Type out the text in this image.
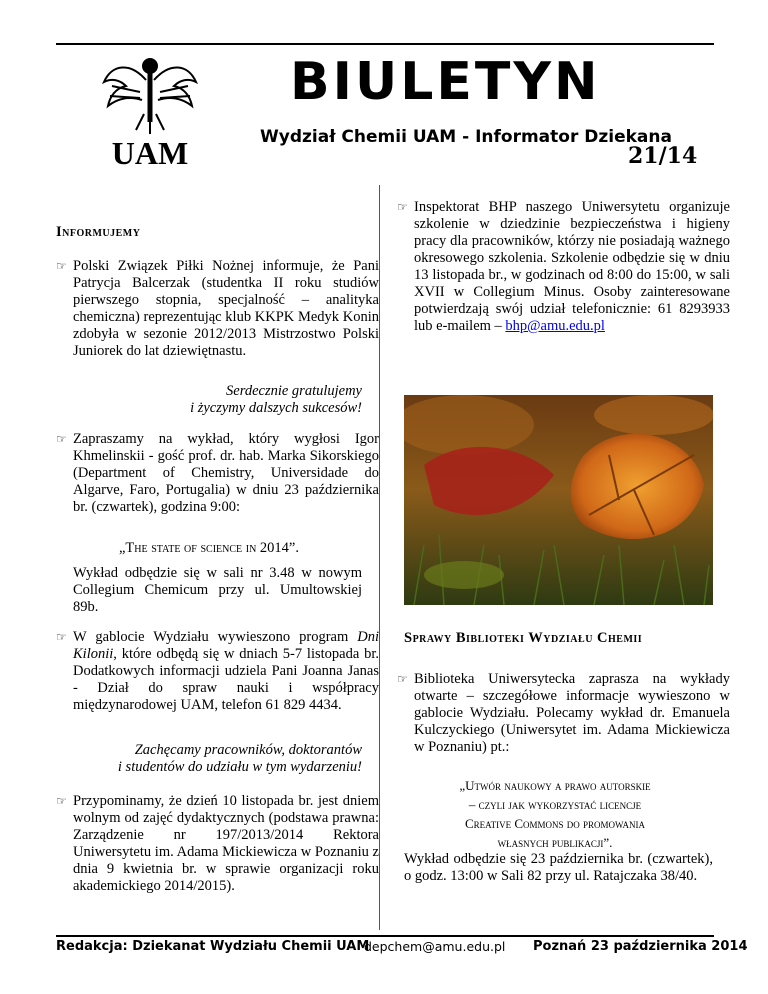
UAM
BIULETYN
Wydział Chemii UAM - Informator Dziekana
21/14
Informujemy
☞ Polski Związek Piłki Nożnej informuje, że Pani Patrycja Balcerzak (studentka II roku studiów pierwszego stopnia, specjalność – analityka chemiczna) reprezentując klub KKPK Medyk Konin zdobyła w sezonie 2012/2013 Mistrzostwo Polski Juniorek do lat dziewiętnastu.
Serdecznie gratulujemy
i życzymy dalszych sukcesów!
☞ Zapraszamy na wykład, który wygłosi Igor Khmelinskii - gość prof. dr. hab. Marka Sikorskiego (Department of Chemistry, Universidade do Algarve, Faro, Portugalia) w dniu 23 października br. (czwartek), godzina 9:00:
„The state of science in 2014”.
Wykład odbędzie się w sali nr 3.48 w nowym Collegium Chemicum przy ul. Umultowskiej 89b.
☞ W gablocie Wydziału wywieszono program Dni Kilonii, które odbędą się w dniach 5-7 listopada br. Dodatkowych informacji udziela Pani Joanna Janas - Dział do spraw nauki i współpracy międzynarodowej UAM, telefon 61 829 4434.
Zachęcamy pracowników, doktorantów
i studentów do udziału w tym wydarzeniu!
☞ Przypominamy, że dzień 10 listopada br. jest dniem wolnym od zajęć dydaktycznych (podstawa prawna: Zarządzenie nr 197/2013/2014 Rektora Uniwersytetu im. Adama Mickiewicza w Poznaniu z dnia 9 kwietnia br. w sprawie organizacji roku akademickiego 2014/2015).
☞ Inspektorat BHP naszego Uniwersytetu organizuje szkolenie w dziedzinie bezpieczeństwa i higieny pracy dla pracowników, którzy nie posiadają ważnego okresowego szkolenia. Szkolenie odbędzie się w dniu 13 listopada br., w godzinach od 8:00 do 15:00, w sali XVII w Collegium Minus. Osoby zainteresowane potwierdzają swój udział telefonicznie: 61 8293933 lub e-mailem – bhp@amu.edu.pl
Sprawy Biblioteki Wydziału Chemii
☞ Biblioteka Uniwersytecka zaprasza na wykłady otwarte – szczegółowe informacje wywieszono w gablocie Wydziału. Polecamy wykład dr. Emanuela Kulczyckiego (Uniwersytet im. Adama Mickiewicza w Poznaniu) pt.:
„Utwór naukowy a prawo autorskie
– czyli jak wykorzystać licencje
Creative Commons do promowania
własnych publikacji”.
Wykład odbędzie się 23 października br. (czwartek), o godz. 13:00 w Sali 82 przy ul. Ratajczaka 38/40.
Redakcja: Dziekanat Wydziału Chemii UAM
depchem@amu.edu.pl Poznań 23 października 2014
